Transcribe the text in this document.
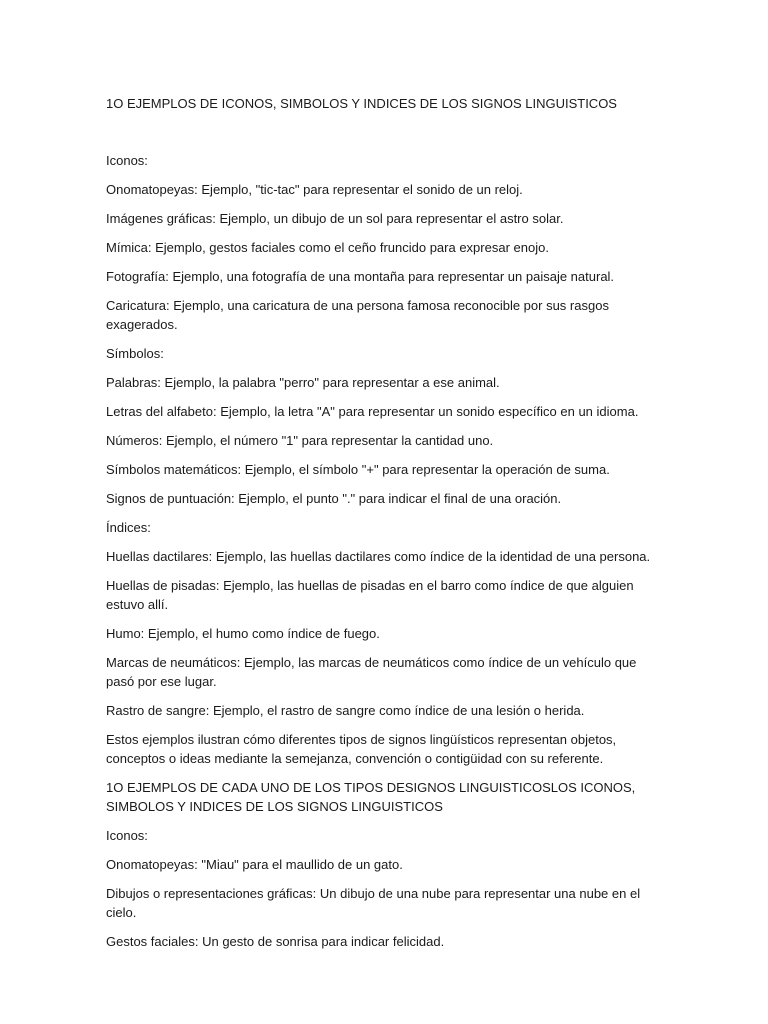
1O EJEMPLOS DE ICONOS, SIMBOLOS Y INDICES DE LOS SIGNOS LINGUISTICOS

Iconos:

Onomatopeyas: Ejemplo, "tic-tac" para representar el sonido de un reloj.

Imágenes gráficas: Ejemplo, un dibujo de un sol para representar el astro solar.

Mímica: Ejemplo, gestos faciales como el ceño fruncido para expresar enojo.

Fotografía: Ejemplo, una fotografía de una montaña para representar un paisaje natural.

Caricatura: Ejemplo, una caricatura de una persona famosa reconocible por sus rasgos exagerados.

Símbolos:

Palabras: Ejemplo, la palabra "perro" para representar a ese animal.

Letras del alfabeto: Ejemplo, la letra "A" para representar un sonido específico en un idioma.

Números: Ejemplo, el número "1" para representar la cantidad uno.

Símbolos matemáticos: Ejemplo, el símbolo "+" para representar la operación de suma.

Signos de puntuación: Ejemplo, el punto "." para indicar el final de una oración.

Índices:

Huellas dactilares: Ejemplo, las huellas dactilares como índice de la identidad de una persona.

Huellas de pisadas: Ejemplo, las huellas de pisadas en el barro como índice de que alguien estuvo allí.

Humo: Ejemplo, el humo como índice de fuego.

Marcas de neumáticos: Ejemplo, las marcas de neumáticos como índice de un vehículo que pasó por ese lugar.

Rastro de sangre: Ejemplo, el rastro de sangre como índice de una lesión o herida.

Estos ejemplos ilustran cómo diferentes tipos de signos lingüísticos representan objetos, conceptos o ideas mediante la semejanza, convención o contigüidad con su referente.

1O EJEMPLOS DE CADA UNO DE LOS TIPOS DESIGNOS LINGUISTICOSLOS ICONOS, SIMBOLOS Y INDICES DE LOS SIGNOS LINGUISTICOS

Iconos:

Onomatopeyas: "Miau" para el maullido de un gato.

Dibujos o representaciones gráficas: Un dibujo de una nube para representar una nube en el cielo.

Gestos faciales: Un gesto de sonrisa para indicar felicidad.
